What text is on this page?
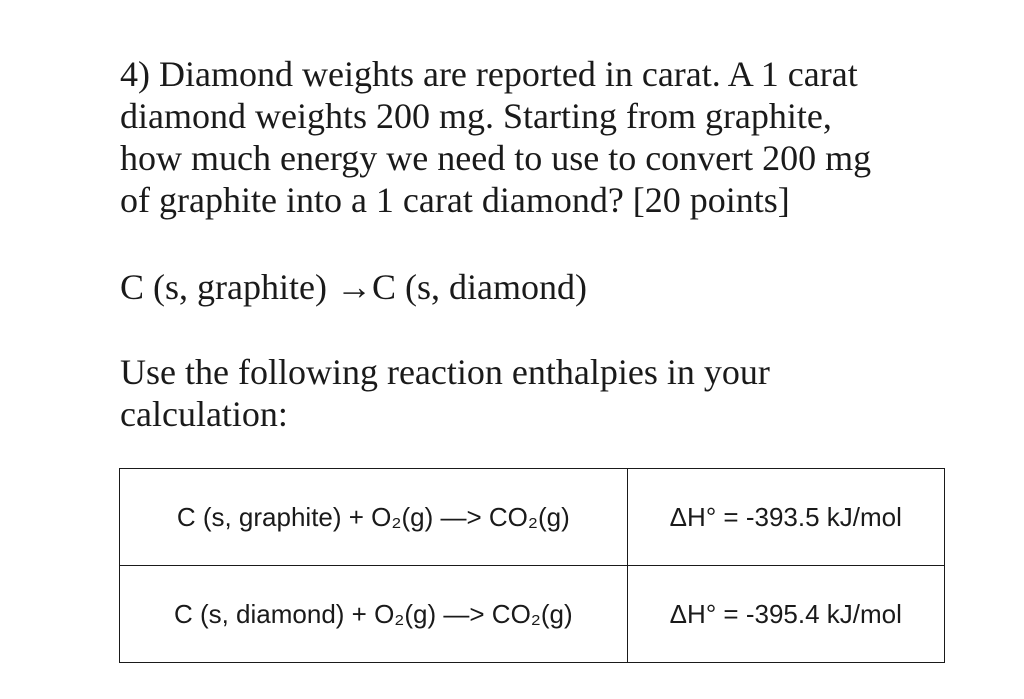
4) Diamond weights are reported in carat. A 1 carat
diamond weights 200 mg. Starting from graphite,
how much energy we need to use to convert 200 mg
of graphite into a 1 carat diamond? [20 points]

C (s, graphite) →C (s, diamond)

Use the following reaction enthalpies in your
calculation:

C (s, graphite) + O₂(g) —> CO₂(g)	ΔH° = -393.5 kJ/mol
C (s, diamond) + O₂(g) —> CO₂(g)	ΔH° = -395.4 kJ/mol
